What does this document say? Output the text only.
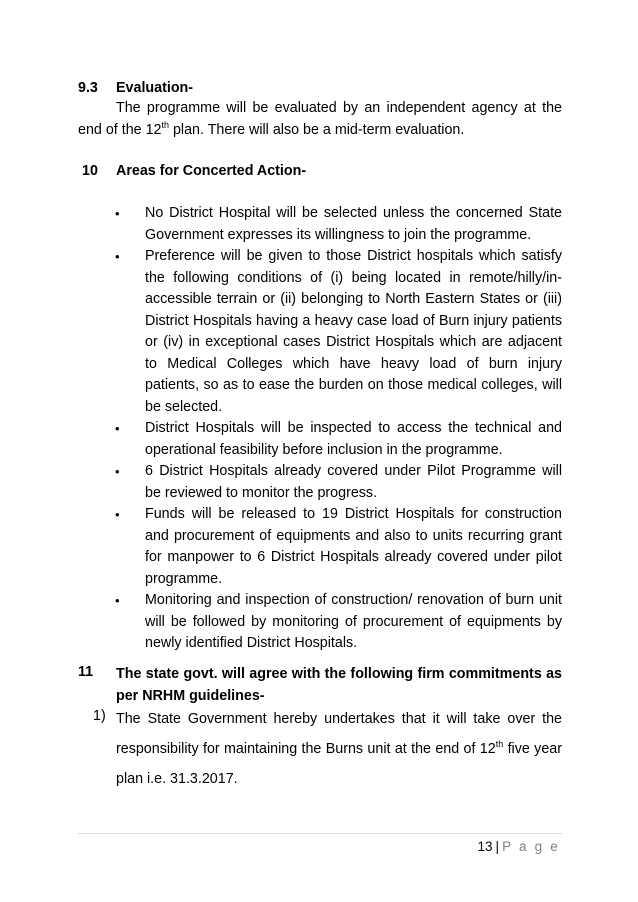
9.3 Evaluation-
The programme will be evaluated by an independent agency at the end of the 12th plan. There will also be a mid-term evaluation.
10 Areas for Concerted Action-
• No District Hospital will be selected unless the concerned State Government expresses its willingness to join the programme.
• Preference will be given to those District hospitals which satisfy the following conditions of (i) being located in remote/hilly/in-accessible terrain or (ii) belonging to North Eastern States or (iii) District Hospitals having a heavy case load of Burn injury patients or (iv) in exceptional cases District Hospitals which are adjacent to Medical Colleges which have heavy load of burn injury patients, so as to ease the burden on those medical colleges, will be selected.
• District Hospitals will be inspected to access the technical and operational feasibility before inclusion in the programme.
• 6 District Hospitals already covered under Pilot Programme will be reviewed to monitor the progress.
• Funds will be released to 19 District Hospitals for construction and procurement of equipments and also to units recurring grant for manpower to 6 District Hospitals already covered under pilot programme.
• Monitoring and inspection of construction/ renovation of burn unit will be followed by monitoring of procurement of equipments by newly identified District Hospitals.
11 The state govt. will agree with the following firm commitments as per NRHM guidelines-
1) The State Government hereby undertakes that it will take over the responsibility for maintaining the Burns unit at the end of 12th five year plan i.e. 31.3.2017.
13 | P a g e
